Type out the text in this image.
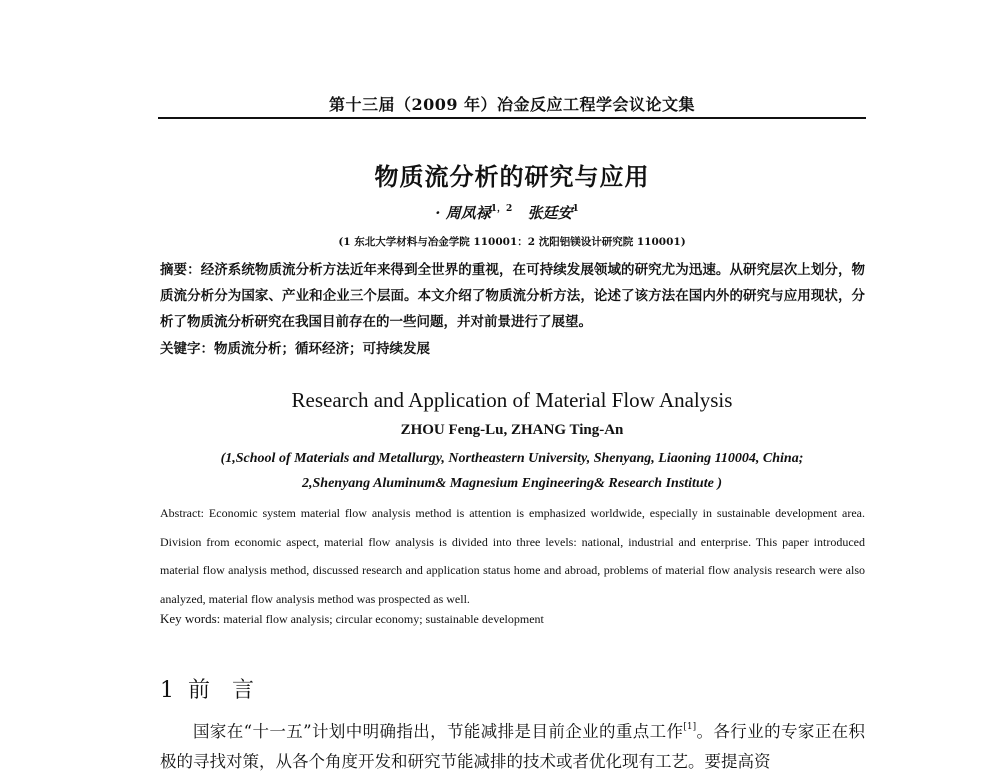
第十三届（2009 年）冶金反应工程学会议论文集
物质流分析的研究与应用
· 周凤禄$^{1,2}$ 张廷安$^1$
(1 东北大学材料与冶金学院 110001：2 沈阳铝镁设计研究院 110001)
摘要：经济系统物质流分析方法近年来得到全世界的重视，在可持续发展领域的研究尤为迅速。从研究层次上划分，物质流分析分为国家、产业和企业三个层面。本文介绍了物质流分析方法，论述了该方法在国内外的研究与应用现状，分析了物质流分析研究在我国目前存在的一些问题，并对前景进行了展望。
关键字：物质流分析；循环经济；可持续发展
Research and Application of Material Flow Analysis
ZHOU Feng-Lu, ZHANG Ting-An
(1,School of Materials and Metallurgy, Northeastern University, Shenyang, Liaoning 110004, China;
2,Shenyang Aluminum& Magnesium Engineering& Research Institute )
Abstract: Economic system material flow analysis method is attention is emphasized worldwide, especially in sustainable development area. Division from economic aspect, material flow analysis is divided into three levels: national, industrial and enterprise. This paper introduced material flow analysis method, discussed research and application status home and abroad, problems of material flow analysis research were also analyzed, material flow analysis method was prospected as well.
Key words: material flow analysis; circular economy; sustainable development
1 前言
国家在“十一五”计划中明确指出，节能减排是目前企业的重点工作[1]。各行业的专家正在积极的寻找对策，从各个角度开发和研究节能减排的技术或者优化现有工艺。要提高资
